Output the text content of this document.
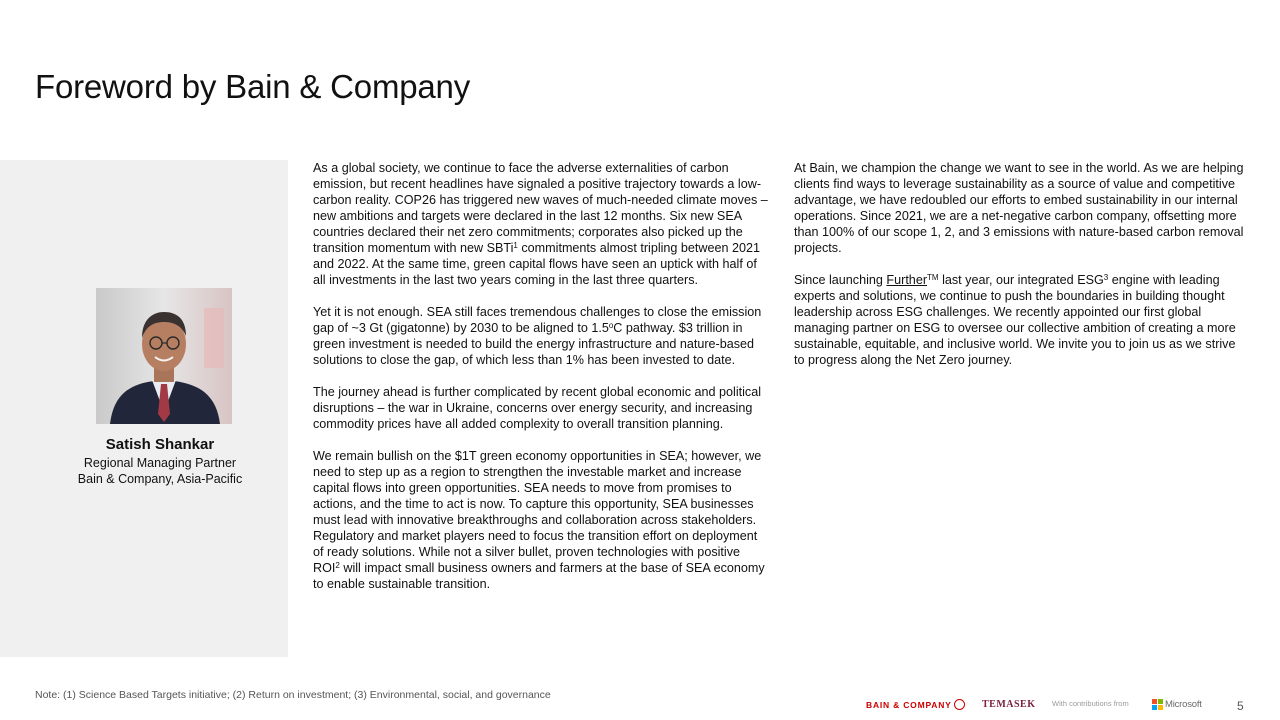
Foreword by Bain & Company
Satish Shankar
Regional Managing Partner
Bain & Company, Asia-Pacific

As a global society, we continue to face the adverse externalities of carbon emission, but recent headlines have signaled a positive trajectory towards a low-carbon reality. COP26 has triggered new waves of much-needed climate moves – new ambitions and targets were declared in the last 12 months. Six new SEA countries declared their net zero commitments; corporates also picked up the transition momentum with new SBTi$^1$ commitments almost tripling between 2021 and 2022. At the same time, green capital flows have seen an uptick with half of all investments in the last two years coming in the last three quarters.

Yet it is not enough. SEA still faces tremendous challenges to close the emission gap of ~3 Gt (gigatonne) by 2030 to be aligned to 1.5$^o$C pathway. $3 trillion in green investment is needed to build the energy infrastructure and nature-based solutions to close the gap, of which less than 1% has been invested to date.

The journey ahead is further complicated by recent global economic and political disruptions – the war in Ukraine, concerns over energy security, and increasing commodity prices have all added complexity to overall transition planning.

We remain bullish on the $1T green economy opportunities in SEA; however, we need to step up as a region to strengthen the investable market and increase capital flows into green opportunities. SEA needs to move from promises to actions, and the time to act is now. To capture this opportunity, SEA businesses must lead with innovative breakthroughs and collaboration across stakeholders. Regulatory and market players need to focus the transition effort on deployment of ready solutions. While not a silver bullet, proven technologies with positive ROI$^2$ will impact small business owners and farmers at the base of SEA economy to enable sustainable transition.

At Bain, we champion the change we want to see in the world. As we are helping clients find ways to leverage sustainability as a source of value and competitive advantage, we have redoubled our efforts to embed sustainability in our internal operations. Since 2021, we are a net-negative carbon company, offsetting more than 100% of our scope 1, 2, and 3 emissions with nature-based carbon removal projects.

Since launching Further™ last year, our integrated ESG$^3$ engine with leading experts and solutions, we continue to push the boundaries in building thought leadership across ESG challenges. We recently appointed our first global managing partner on ESG to oversee our collective ambition of creating a more sustainable, equitable, and inclusive world. We invite you to join us as we strive to progress along the Net Zero journey.

Note: (1) Science Based Targets initiative; (2) Return on investment; (3) Environmental, social, and governance
BAIN & COMPANY	TEMASEK With contributions from	Microsoft	5
